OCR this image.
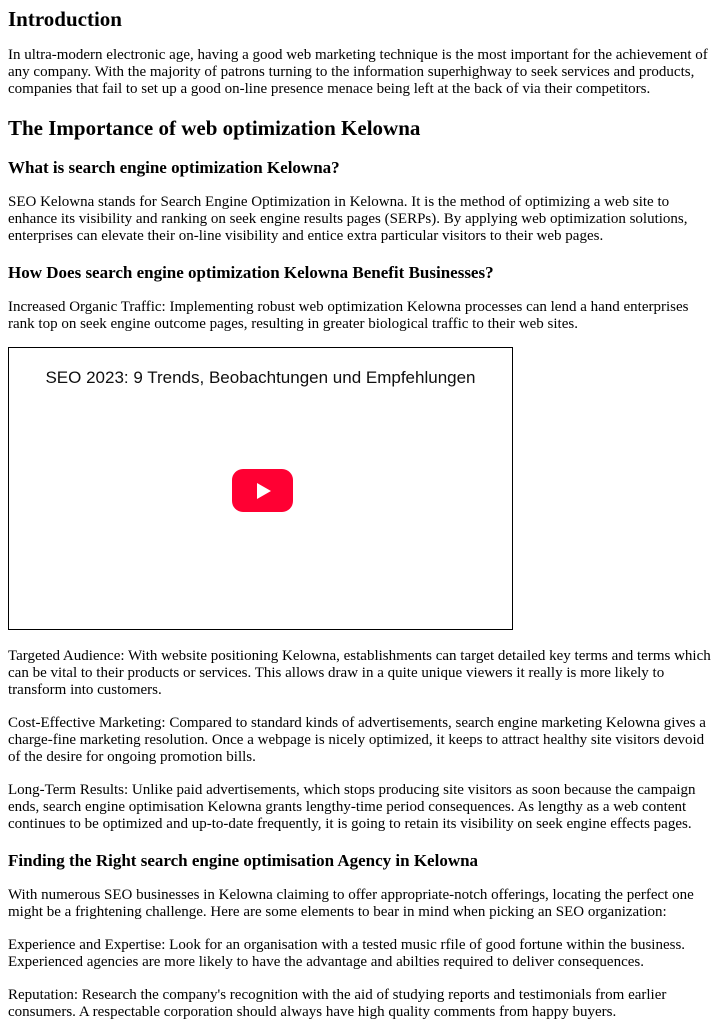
Introduction

In ultra-modern electronic age, having a good web marketing technique is the most important for the achievement of any company. With the majority of patrons turning to the information superhighway to seek services and products, companies that fail to set up a good on-line presence menace being left at the back of via their competitors.

The Importance of web optimization Kelowna
What is search engine optimization Kelowna?

SEO Kelowna stands for Search Engine Optimization in Kelowna. It is the method of optimizing a web site to enhance its visibility and ranking on seek engine results pages (SERPs). By applying web optimization solutions, enterprises can elevate their on-line visibility and entice extra particular visitors to their web pages.

How Does search engine optimization Kelowna Benefit Businesses?

Increased Organic Traffic: Implementing robust web optimization Kelowna processes can lend a hand enterprises rank top on seek engine outcome pages, resulting in greater biological traffic to their web sites.

SEO 2023: 9 Trends, Beobachtungen und Empfehlungen

Targeted Audience: With website positioning Kelowna, establishments can target detailed key terms and terms which can be vital to their products or services. This allows draw in a quite unique viewers it really is more likely to transform into customers.

Cost-Effective Marketing: Compared to standard kinds of advertisements, search engine marketing Kelowna gives a charge-fine marketing resolution. Once a webpage is nicely optimized, it keeps to attract healthy site visitors devoid of the desire for ongoing promotion bills.

Long-Term Results: Unlike paid advertisements, which stops producing site visitors as soon because the campaign ends, search engine optimisation Kelowna grants lengthy-time period consequences. As lengthy as a web content continues to be optimized and up-to-date frequently, it is going to retain its visibility on seek engine effects pages.

Finding the Right search engine optimisation Agency in Kelowna

With numerous SEO businesses in Kelowna claiming to offer appropriate-notch offerings, locating the perfect one might be a frightening challenge. Here are some elements to bear in mind when picking an SEO organization:

Experience and Expertise: Look for an organisation with a tested music rfile of good fortune within the business. Experienced agencies are more likely to have the advantage and abilties required to deliver consequences.

Reputation: Research the company's recognition with the aid of studying reports and testimonials from earlier consumers. A respectable corporation should always have high quality comments from happy buyers.
